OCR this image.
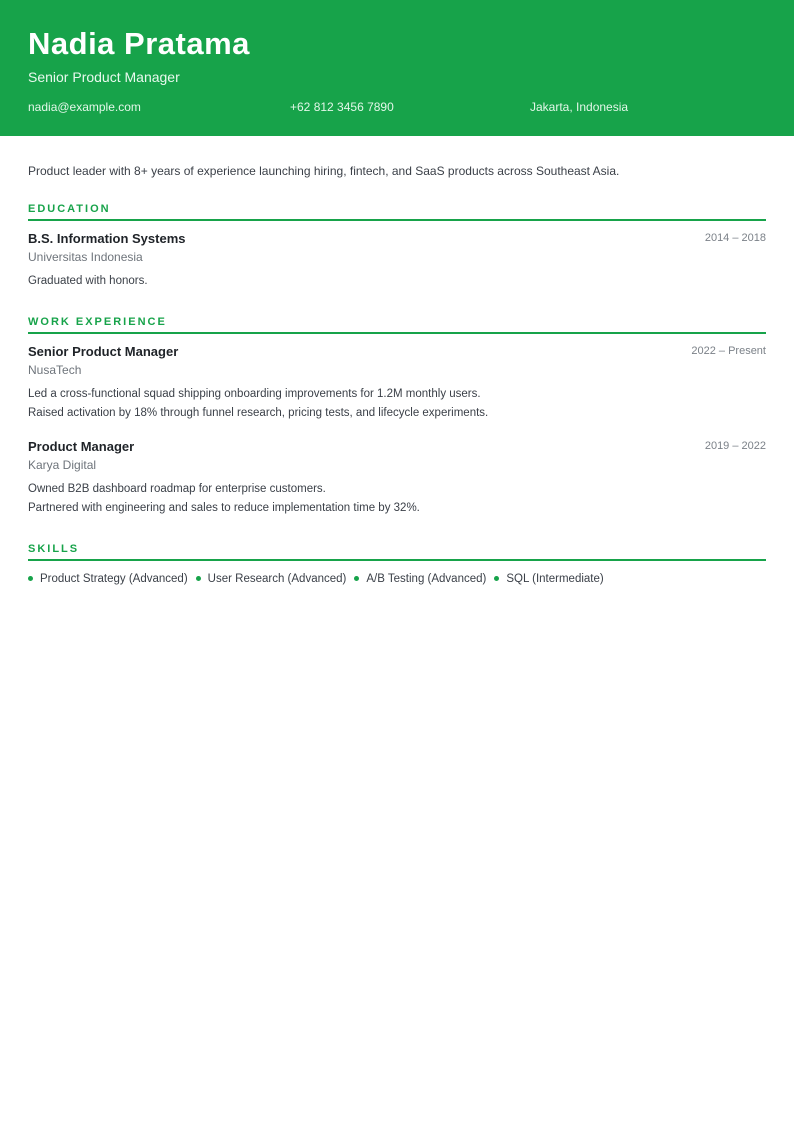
Nadia Pratama
Senior Product Manager
nadia@example.com	+62 812 3456 7890	Jakarta, Indonesia
Product leader with 8+ years of experience launching hiring, fintech, and SaaS products across Southeast Asia.
EDUCATION
B.S. Information Systems	2014 – 2018
Universitas Indonesia
Graduated with honors.
WORK EXPERIENCE
Senior Product Manager	2022 – Present
NusaTech
Led a cross-functional squad shipping onboarding improvements for 1.2M monthly users.
Raised activation by 18% through funnel research, pricing tests, and lifecycle experiments.
Product Manager	2019 – 2022
Karya Digital
Owned B2B dashboard roadmap for enterprise customers.
Partnered with engineering and sales to reduce implementation time by 32%.
SKILLS
Product Strategy (Advanced) User Research (Advanced) A/B Testing (Advanced) SQL (Intermediate)
